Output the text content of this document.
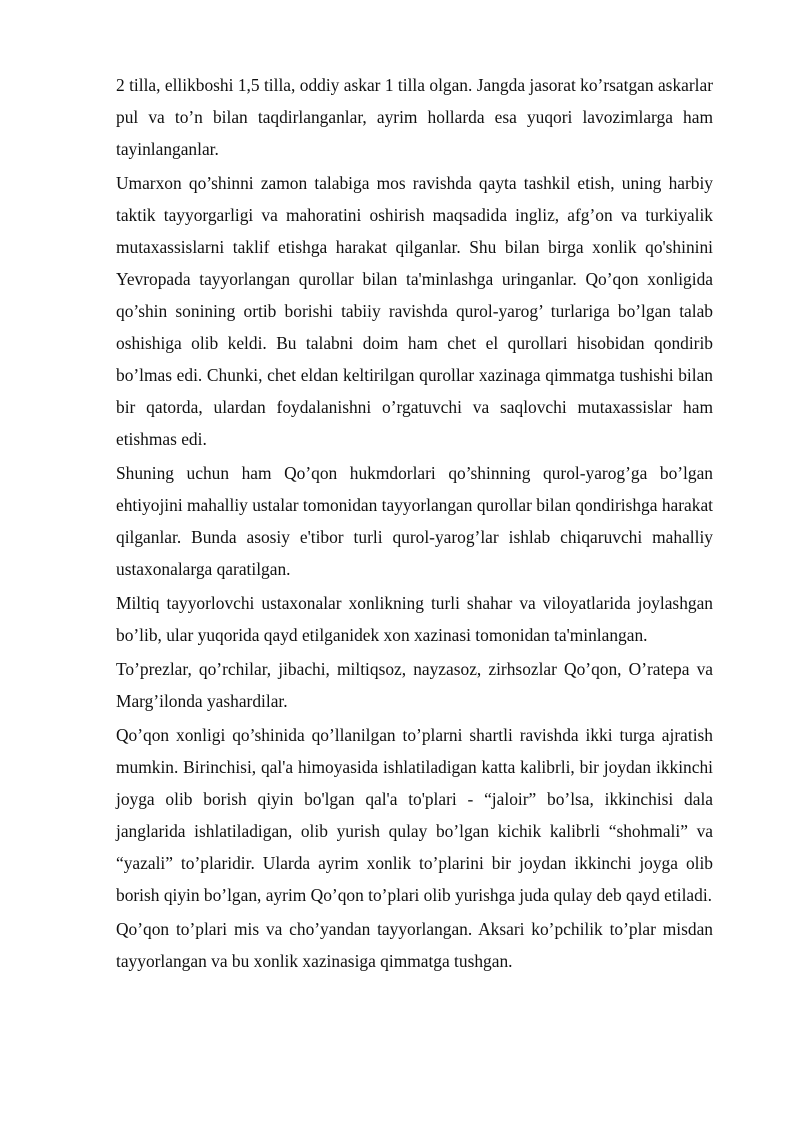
2 tilla, ellikboshi 1,5 tilla, oddiy askar 1 tilla olgan. Jangda jasorat ko’rsatgan askarlar pul va to’n bilan taqdirlanganlar, ayrim hollarda esa yuqori lavozimlarga ham tayinlanganlar.

Umarxon qo’shinni zamon talabiga mos ravishda qayta tashkil etish, uning harbiy taktik tayyorgarligi va mahoratini oshirish maqsadida ingliz, afg’on va turkiyalik mutaxassislarni taklif etishga harakat qilganlar. Shu bilan birga xonlik qo'shinini Yevropada tayyorlangan qurollar bilan ta'minlashga uringanlar. Qo’qon xonligida qo’shin sonining ortib borishi tabiiy ravishda qurol-yarog’ turlariga bo’lgan talab oshishiga olib keldi. Bu talabni doim ham chet el qurollari hisobidan qondirib bo’lmas edi. Chunki, chet eldan keltirilgan qurollar xazinaga qimmatga tushishi bilan bir qatorda, ulardan foydalanishni o’rgatuvchi va saqlovchi mutaxassislar ham etishmas edi.

Shuning uchun ham Qo’qon hukmdorlari qo’shinning qurol-yarog’ga bo’lgan ehtiyojini mahalliy ustalar tomonidan tayyorlangan qurollar bilan qondirishga harakat qilganlar. Bunda asosiy e'tibor turli qurol-yarog’lar ishlab chiqaruvchi mahalliy ustaxonalarga qaratilgan.

Miltiq tayyorlovchi ustaxonalar xonlikning turli shahar va viloyatlarida joylashgan bo’lib, ular yuqorida qayd etilganidek xon xazinasi tomonidan ta'minlangan.

To’prezlar, qo’rchilar, jibachi, miltiqsoz, nayzasoz, zirhsozlar Qo’qon, O’ratepa va Marg’ilonda yashardilar.

Qo’qon xonligi qo’shinida qo’llanilgan to’plarni shartli ravishda ikki turga ajratish mumkin. Birinchisi, qal'a himoyasida ishlatiladigan katta kalibrli, bir joydan ikkinchi joyga olib borish qiyin bo'lgan qal'a to'plari - “jaloir” bo’lsa, ikkinchisi dala janglarida ishlatiladigan, olib yurish qulay bo’lgan kichik kalibrli “shohmali” va “yazali” to’plaridir. Ularda ayrim xonlik to’plarini bir joydan ikkinchi joyga olib borish qiyin bo’lgan, ayrim Qo’qon to’plari olib yurishga juda qulay deb qayd etiladi.

Qo’qon to’plari mis va cho’yandan tayyorlangan. Aksari ko’pchilik to’plar misdan tayyorlangan va bu xonlik xazinasiga qimmatga tushgan.
